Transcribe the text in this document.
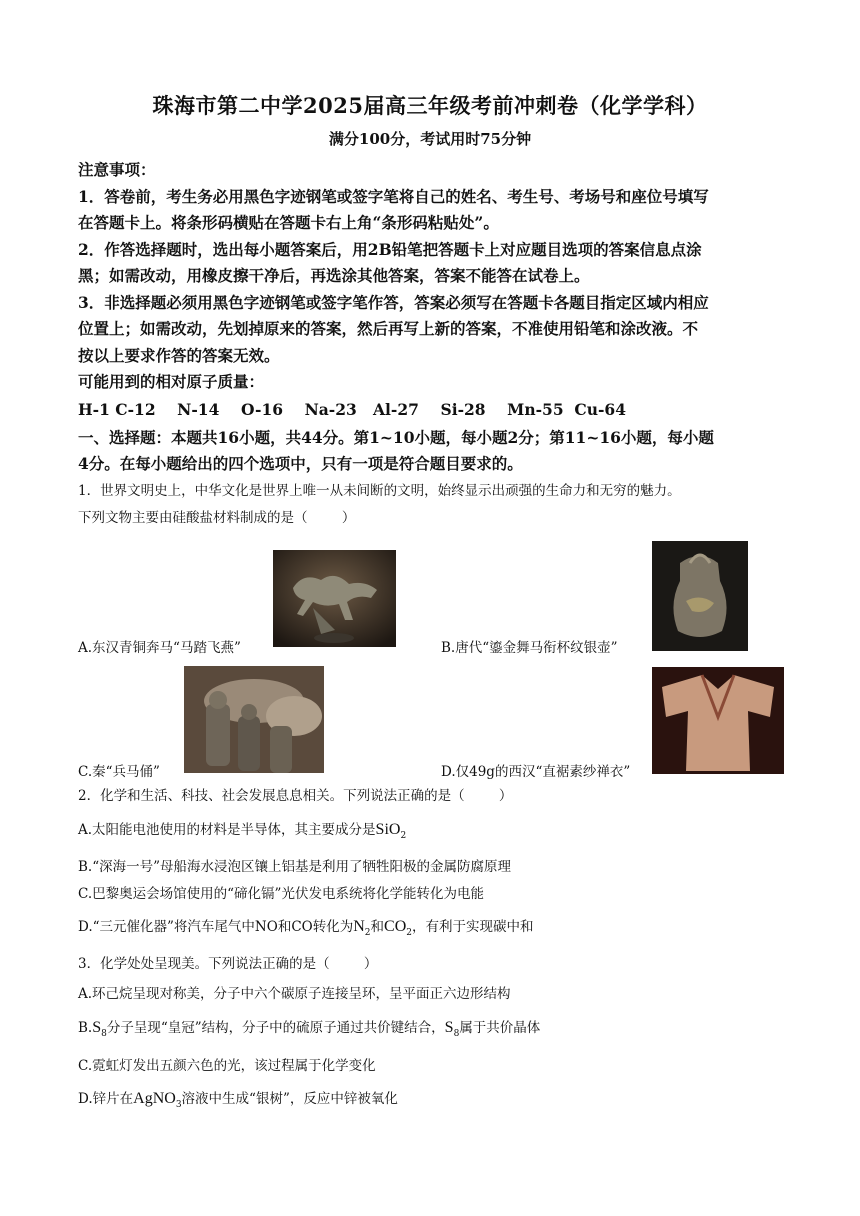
珠海市第二中学2025届高三年级考前冲刺卷（化学学科）
满分100分，考试用时75分钟
注意事项：
1．答卷前，考生务必用黑色字迹钢笔或签字笔将自己的姓名、考生号、考场号和座位号填写
在答题卡上。将条形码横贴在答题卡右上角“条形码粘贴处”。
2．作答选择题时，选出每小题答案后，用2B铅笔把答题卡上对应题目选项的答案信息点涂
黑；如需改动，用橡皮擦干净后，再选涂其他答案，答案不能答在试卷上。
3．非选择题必须用黑色字迹钢笔或签字笔作答，答案必须写在答题卡各题目指定区域内相应
位置上；如需改动，先划掉原来的答案，然后再写上新的答案，不准使用铅笔和涂改液。不
按以上要求作答的答案无效。
可能用到的相对原子质量：
H-1 C-12    N-14    O-16    Na-23   Al-27    Si-28    Mn-55  Cu-64
一、选择题：本题共16小题，共44分。第1~10小题，每小题2分；第11~16小题，每小题
4分。在每小题给出的四个选项中，只有一项是符合题目要求的。
1．世界文明史上，中华文化是世界上唯一从未间断的文明，始终显示出顽强的生命力和无穷的魅力。
下列文物主要由硅酸盐材料制成的是（        ）
A.东汉青铜奔马“马踏飞燕”	B.唐代“鎏金舞马衔杯纹银壶”
C.秦“兵马俑”	D.仅49g的西汉“直裾素纱禅衣”
2．化学和生活、科技、社会发展息息相关。下列说法正确的是（        ）
A.太阳能电池使用的材料是半导体，其主要成分是SiO$_2$
B.“深海一号”母船海水浸泡区镶上铝基是利用了牺牲阳极的金属防腐原理
C.巴黎奥运会场馆使用的“碲化镉”光伏发电系统将化学能转化为电能
D.“三元催化器”将汽车尾气中NO和CO转化为$N_2$和$CO_2$，有利于实现碳中和
3．化学处处呈现美。下列说法正确的是（        ）
A.环己烷呈现对称美，分子中六个碳原子连接呈环，呈平面正六边形结构
$B.S_8$分子呈现“皇冠”结构，分子中的硫原子通过共价键结合，$S_8$属于共价晶体
C.霓虹灯发出五颜六色的光，该过程属于化学变化
D.锌片在AgNO$_3$溶液中生成“银树”，反应中锌被氧化
